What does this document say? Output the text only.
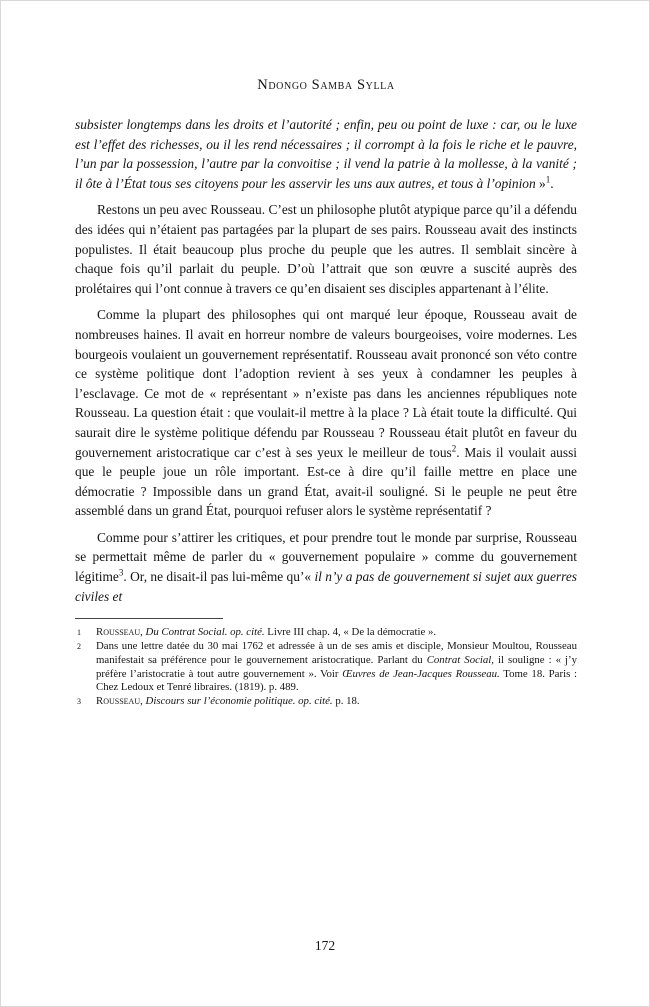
Ndongo Samba Sylla

subsister longtemps dans les droits et l’autorité ; enfin, peu ou point de luxe : car, ou le luxe est l’effet des richesses, ou il les rend nécessaires ; il corrompt à la fois le riche et le pauvre, l’un par la possession, l’autre par la convoitise ; il vend la patrie à la mollesse, à la vanité ; il ôte à l’État tous ses citoyens pour les asservir les uns aux autres, et tous à l’opinion »$^1$.

Restons un peu avec Rousseau. C’est un philosophe plutôt atypique parce qu’il a défendu des idées qui n’étaient pas partagées par la plupart de ses pairs. Rousseau avait des instincts populistes. Il était beaucoup plus proche du peuple que les autres. Il semblait sincère à chaque fois qu’il parlait du peuple. D’où l’attrait que son œuvre a suscité auprès des prolétaires qui l’ont connue à travers ce qu’en disaient ses disciples appartenant à l’élite.

Comme la plupart des philosophes qui ont marqué leur époque, Rousseau avait de nombreuses haines. Il avait en horreur nombre de valeurs bourgeoises, voire modernes. Les bourgeois voulaient un gouvernement représentatif. Rousseau avait prononcé son véto contre ce système politique dont l’adoption revient à ses yeux à condamner les peuples à l’esclavage. Ce mot de « représentant » n’existe pas dans les anciennes républiques note Rousseau. La question était : que voulait-il mettre à la place ? Là était toute la difficulté. Qui saurait dire le système politique défendu par Rousseau ? Rousseau était plutôt en faveur du gouvernement aristocratique car c’est à ses yeux le meilleur de tous$^2$. Mais il voulait aussi que le peuple joue un rôle important. Est-ce à dire qu’il faille mettre en place une démocratie ? Impossible dans un grand État, avait-il souligné. Si le peuple ne peut être assemblé dans un grand État, pourquoi refuser alors le système représentatif ?

Comme pour s’attirer les critiques, et pour prendre tout le monde par surprise, Rousseau se permettait même de parler du « gouvernement populaire » comme du gouvernement légitime$^3$. Or, ne disait-il pas lui-même qu’« il n’y a pas de gouvernement si sujet aux guerres civiles et

1 Rousseau, Du Contrat Social. op. cité. Livre III chap. 4, « De la démocratie ».
2 Dans une lettre datée du 30 mai 1762 et adressée à un de ses amis et disciple, Monsieur Moultou, Rousseau manifestait sa préférence pour le gouvernement aristocratique. Parlant du Contrat Social, il souligne : « j’y préfère l’aristocratie à tout autre gouvernement ». Voir Œuvres de Jean-Jacques Rousseau. Tome 18. Paris : Chez Ledoux et Tenré libraires. (1819). p. 489.
3 Rousseau, Discours sur l’économie politique. op. cité. p. 18.
172
